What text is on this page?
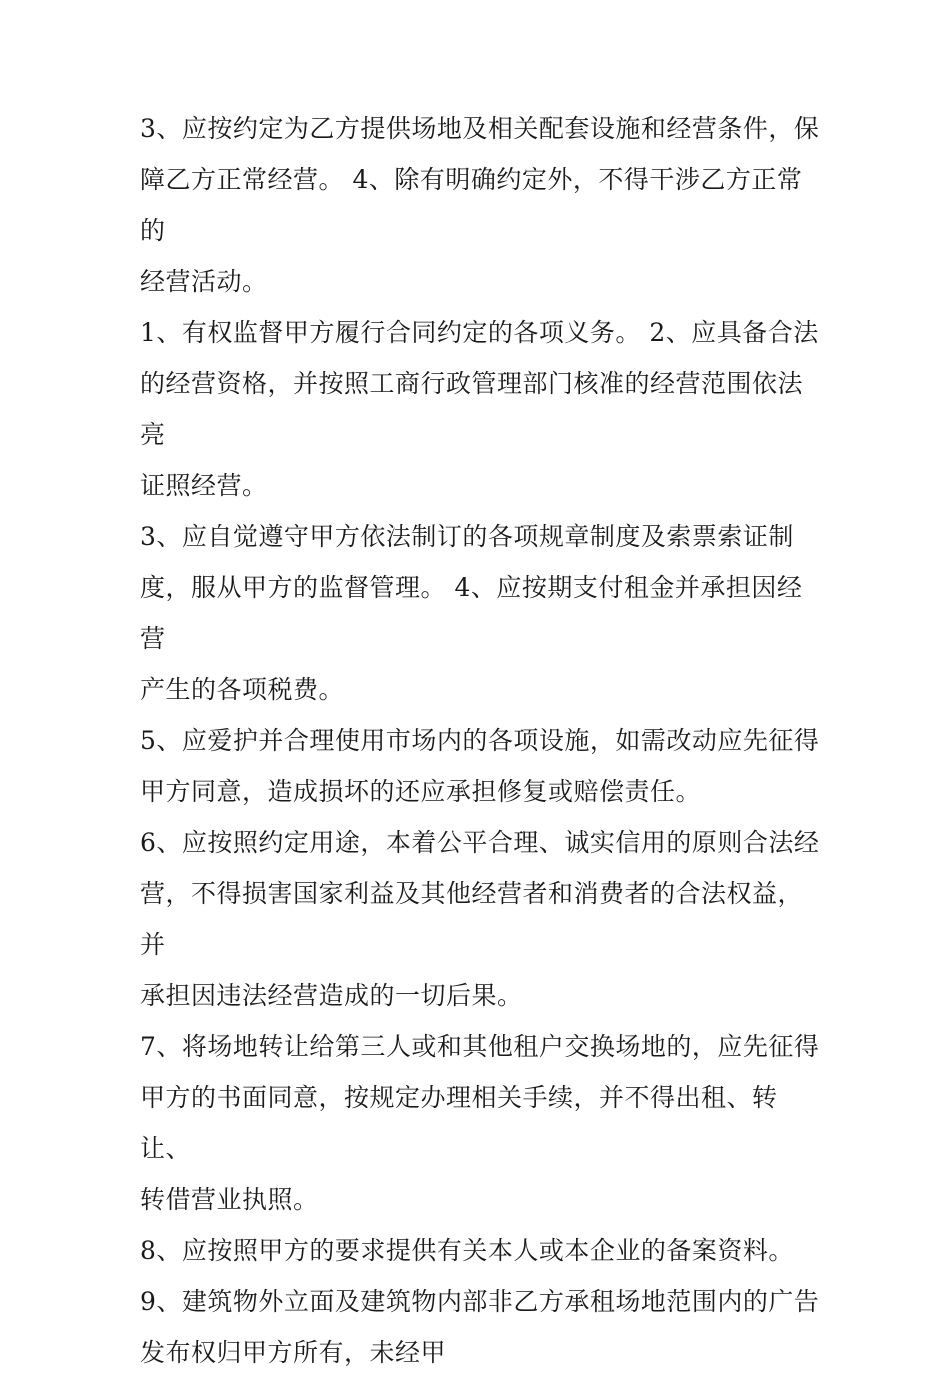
3、应按约定为乙方提供场地及相关配套设施和经营条件，保
障乙方正常经营。 4、除有明确约定外，不得干涉乙方正常的
经营活动。
1、有权监督甲方履行合同约定的各项义务。 2、应具备合法
的经营资格，并按照工商行政管理部门核准的经营范围依法亮
证照经营。
3、应自觉遵守甲方依法制订的各项规章制度及索票索证制
度，服从甲方的监督管理。 4、应按期支付租金并承担因经营
产生的各项税费。
5、应爱护并合理使用市场内的各项设施，如需改动应先征得
甲方同意，造成损坏的还应承担修复或赔偿责任。
6、应按照约定用途，本着公平合理、诚实信用的原则合法经
营，不得损害国家利益及其他经营者和消费者的合法权益，并
承担因违法经营造成的一切后果。
7、将场地转让给第三人或和其他租户交换场地的，应先征得
甲方的书面同意，按规定办理相关手续，并不得出租、转让、
转借营业执照。
8、应按照甲方的要求提供有关本人或本企业的备案资料。
9、建筑物外立面及建筑物内部非乙方承租场地范围内的广告
发布权归甲方所有，未经甲
